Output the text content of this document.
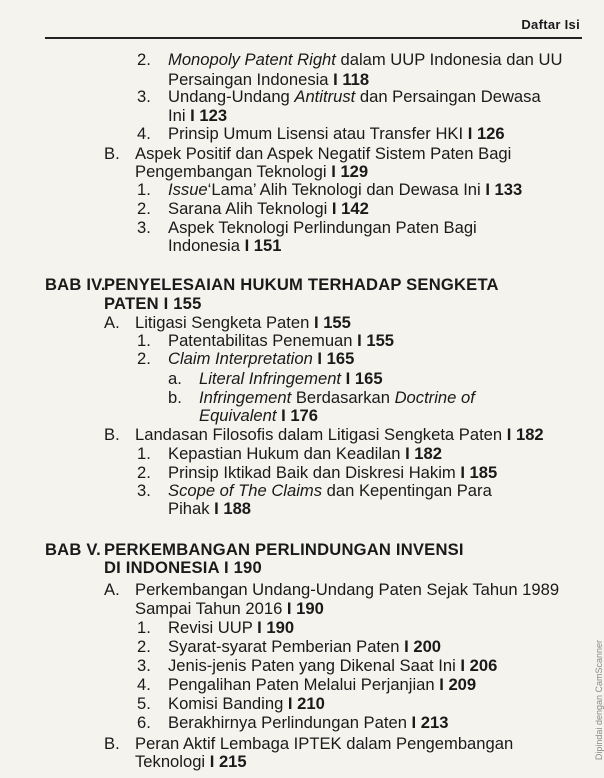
Daftar Isi
2. Monopoly Patent Right dalam UUP Indonesia dan UU
Persaingan Indonesia I 118
3. Undang-Undang Antitrust dan Persaingan Dewasa
Ini I 123
4. Prinsip Umum Lisensi atau Transfer HKI I 126
B. Aspek Positif dan Aspek Negatif Sistem Paten Bagi
Pengembangan Teknologi I 129
1. Issue‘Lama’ Alih Teknologi dan Dewasa Ini I 133
2. Sarana Alih Teknologi I 142
3. Aspek Teknologi Perlindungan Paten Bagi
Indonesia I 151
BAB IV.
PENYELESAIAN HUKUM TERHADAP SENGKETA
PATEN I 155
A. Litigasi Sengketa Paten I 155
1. Patentabilitas Penemuan I 155
2. Claim Interpretation I 165
a. Literal Infringement I 165
b. Infringement Berdasarkan Doctrine of
Equivalent I 176
B. Landasan Filosofis dalam Litigasi Sengketa Paten I 182
1. Kepastian Hukum dan Keadilan I 182
2. Prinsip Iktikad Baik dan Diskresi Hakim I 185
3. Scope of The Claims dan Kepentingan Para
Pihak I 188
BAB V. PERKEMBANGAN PERLINDUNGAN INVENSI
DI INDONESIA I 190
A. Perkembangan Undang-Undang Paten Sejak Tahun 1989
Sampai Tahun 2016 I 190
1. Revisi UUP I 190
2. Syarat-syarat Pemberian Paten I 200
3. Jenis-jenis Paten yang Dikenal Saat Ini I 206
4. Pengalihan Paten Melalui Perjanjian I 209
5. Komisi Banding I 210
6. Berakhirnya Perlindungan Paten I 213
B. Peran Aktif Lembaga IPTEK dalam Pengembangan
Teknologi I 215
Dipindai dengan CamScanner
